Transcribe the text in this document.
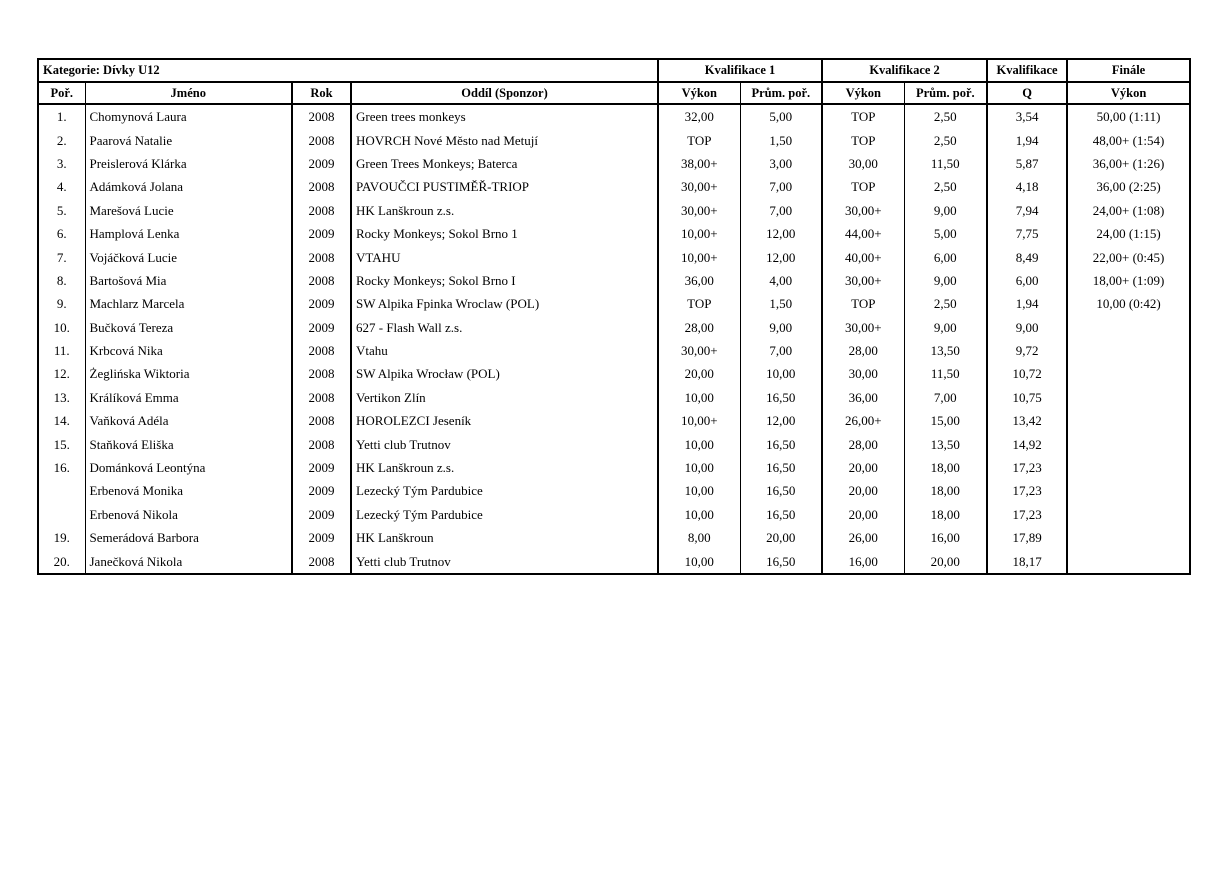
Kategorie: Dívky U12				Kvalifikace 1		Kvalifikace 2		Kvalifikace	Finále
Poř.	Jméno	Rok	Oddíl (Sponzor)	Výkon	Prům. poř.	Výkon	Prům. poř.	Q	Výkon
1.	Chomynová Laura	2008	Green trees monkeys	32,00	5,00	TOP	2,50	3,54	50,00 (1:11)
2.	Paarová Natalie	2008	HOVRCH Nové Město nad Metují	TOP	1,50	TOP	2,50	1,94	48,00+ (1:54)
3.	Preislerová Klárka	2009	Green Trees Monkeys; Baterca	38,00+	3,00	30,00	11,50	5,87	36,00+ (1:26)
4.	Adámková Jolana	2008	PAVOUČCI PUSTIMĚŘ-TRIOP	30,00+	7,00	TOP	2,50	4,18	36,00 (2:25)
5.	Marešová Lucie	2008	HK Lanškroun z.s.	30,00+	7,00	30,00+	9,00	7,94	24,00+ (1:08)
6.	Hamplová Lenka	2009	Rocky Monkeys; Sokol Brno 1	10,00+	12,00	44,00+	5,00	7,75	24,00 (1:15)
7.	Vojáčková Lucie	2008	VTAHU	10,00+	12,00	40,00+	6,00	8,49	22,00+ (0:45)
8.	Bartošová Mia	2008	Rocky Monkeys; Sokol Brno I	36,00	4,00	30,00+	9,00	6,00	18,00+ (1:09)
9.	Machlarz Marcela	2009	SW Alpika Fpinka Wroclaw (POL)	TOP	1,50	TOP	2,50	1,94	10,00 (0:42)
10.	Bučková Tereza	2009	627 - Flash Wall z.s.	28,00	9,00	30,00+	9,00	9,00	
11.	Krbcová Nika	2008	Vtahu	30,00+	7,00	28,00	13,50	9,72	
12.	Żeglińska Wiktoria	2008	SW Alpika Wrocław (POL)	20,00	10,00	30,00	11,50	10,72	
13.	Králíková Emma	2008	Vertikon Zlín	10,00	16,50	36,00	7,00	10,75	
14.	Vaňková Adéla	2008	HOROLEZCI Jeseník	10,00+	12,00	26,00+	15,00	13,42	
15.	Staňková Eliška	2008	Yetti club Trutnov	10,00	16,50	28,00	13,50	14,92	
16.	Dománková Leontýna	2009	HK Lanškroun z.s.	10,00	16,50	20,00	18,00	17,23	
	Erbenová Monika	2009	Lezecký Tým Pardubice	10,00	16,50	20,00	18,00	17,23	
	Erbenová Nikola	2009	Lezecký Tým Pardubice	10,00	16,50	20,00	18,00	17,23	
19.	Semerádová Barbora	2009	HK Lanškroun	8,00	20,00	26,00	16,00	17,89	
20.	Janečková Nikola	2008	Yetti club Trutnov	10,00	16,50	16,00	20,00	18,17	
